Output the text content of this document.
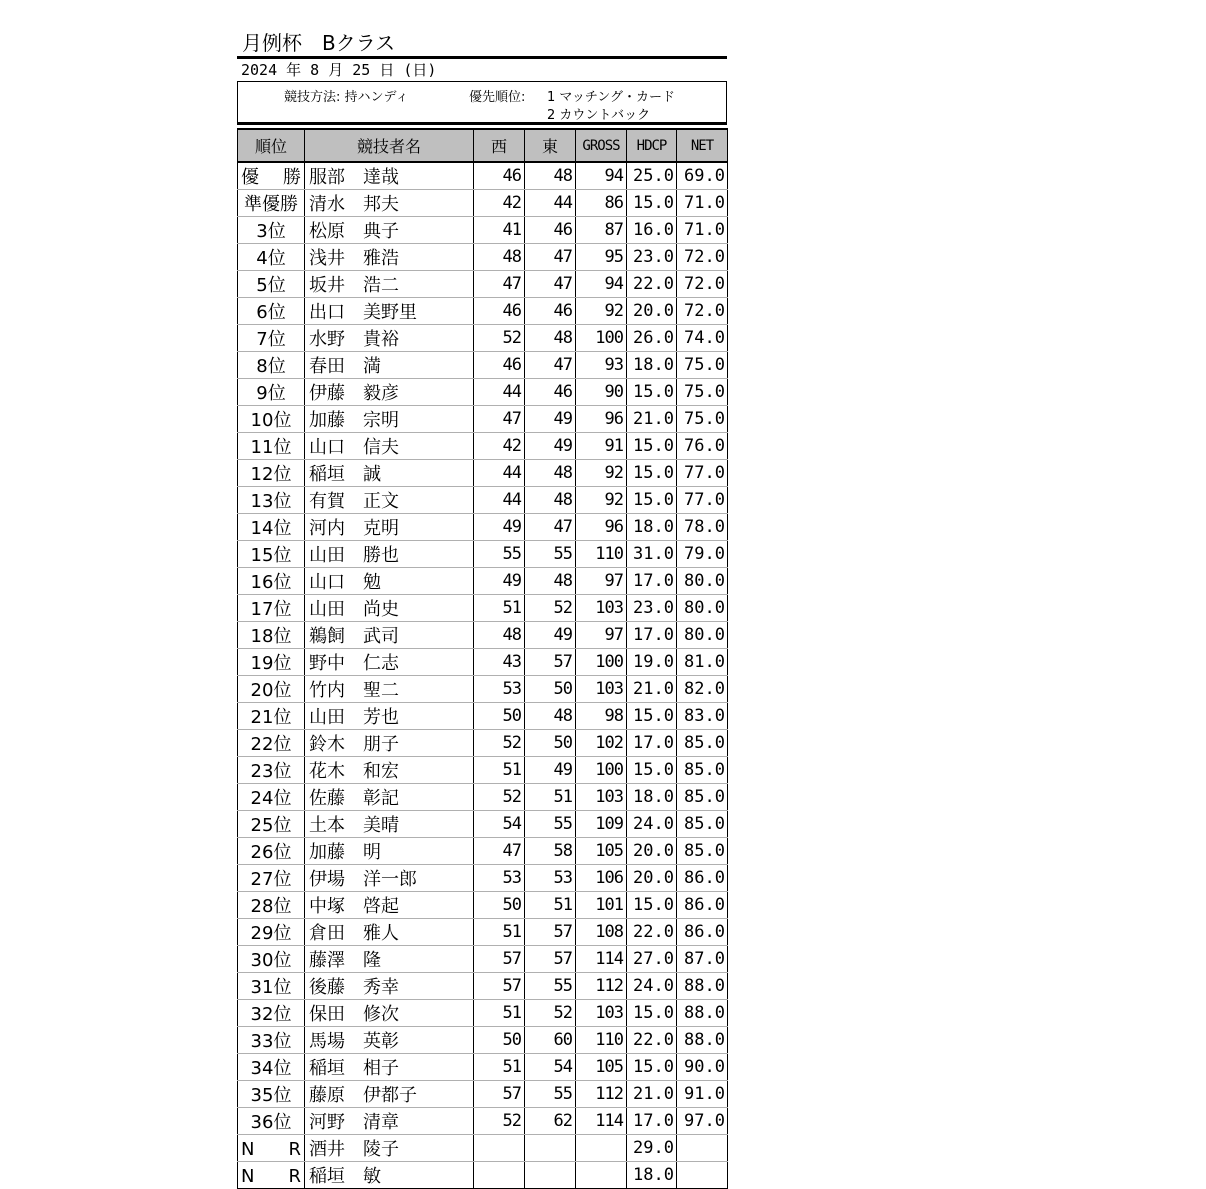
月例杯　Bクラス
2024 年 8 月 25 日 (日)
競技方法: 持ハンディ	優先順位: 1 マッチング・カード
2 カウントバック
順位	競技者名	西	東	GROSS	HDCP	NET
優　勝	服部　達哉	46	48	94	25.0	69.0
準優勝	清水　邦夫	42	44	86	15.0	71.0
3位	松原　典子	41	46	87	16.0	71.0
4位	浅井　雅浩	48	47	95	23.0	72.0
5位	坂井　浩二	47	47	94	22.0	72.0
6位	出口　美野里	46	46	92	20.0	72.0
7位	水野　貴裕	52	48	100	26.0	74.0
8位	春田　満	46	47	93	18.0	75.0
9位	伊藤　毅彦	44	46	90	15.0	75.0
10位	加藤　宗明	47	49	96	21.0	75.0
11位	山口　信夫	42	49	91	15.0	76.0
12位	稲垣　誠	44	48	92	15.0	77.0
13位	有賀　正文	44	48	92	15.0	77.0
14位	河内　克明	49	47	96	18.0	78.0
15位	山田　勝也	55	55	110	31.0	79.0
16位	山口　勉	49	48	97	17.0	80.0
17位	山田　尚史	51	52	103	23.0	80.0
18位	鵜飼　武司	48	49	97	17.0	80.0
19位	野中　仁志	43	57	100	19.0	81.0
20位	竹内　聖二	53	50	103	21.0	82.0
21位	山田　芳也	50	48	98	15.0	83.0
22位	鈴木　朋子	52	50	102	17.0	85.0
23位	花木　和宏	51	49	100	15.0	85.0
24位	佐藤　彰記	52	51	103	18.0	85.0
25位	土本　美晴	54	55	109	24.0	85.0
26位	加藤　明	47	58	105	20.0	85.0
27位	伊場　洋一郎	53	53	106	20.0	86.0
28位	中塚　啓起	50	51	101	15.0	86.0
29位	倉田　雅人	51	57	108	22.0	86.0
30位	藤澤　隆	57	57	114	27.0	87.0
31位	後藤　秀幸	57	55	112	24.0	88.0
32位	保田　修次	51	52	103	15.0	88.0
33位	馬場　英彰	50	60	110	22.0	88.0
34位	稲垣　相子	51	54	105	15.0	90.0
35位	藤原　伊都子	57	55	112	21.0	91.0
36位	河野　清章	52	62	114	17.0	97.0
N　R	酒井　陵子				29.0	
N　R	稲垣　敏				18.0	
